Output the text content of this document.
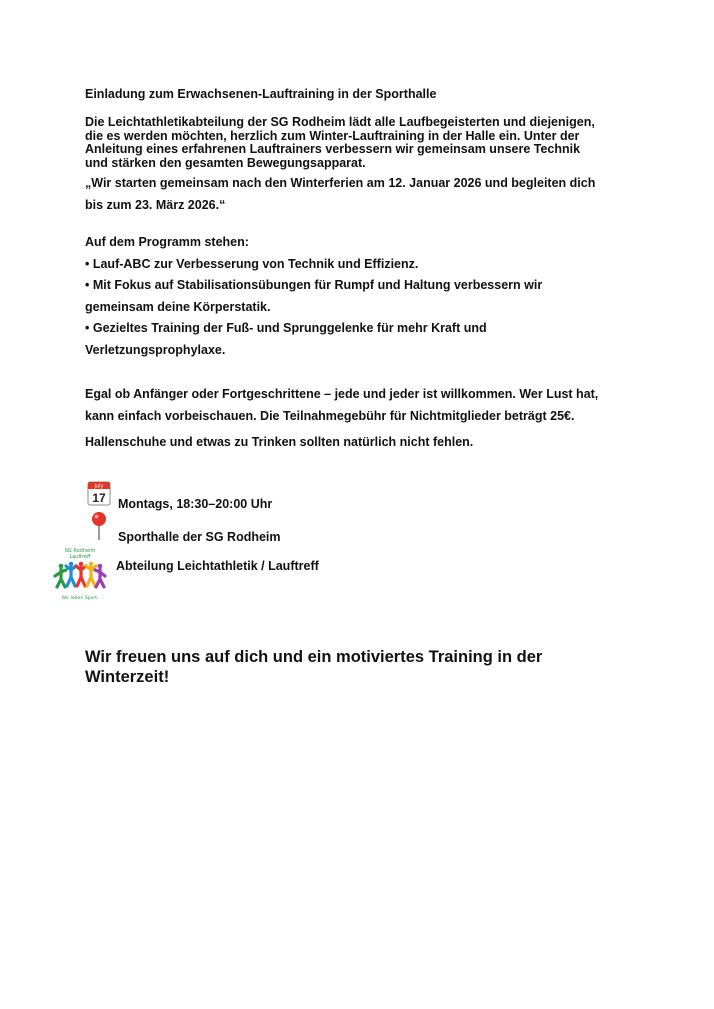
Einladung zum Erwachsenen-Lauftraining in der Sporthalle

Die Leichtathletikabteilung der SG Rodheim lädt alle Laufbegeisterten und diejenigen,
die es werden möchten, herzlich zum Winter-Lauftraining in der Halle ein. Unter der
Anleitung eines erfahrenen Lauftrainers verbessern wir gemeinsam unsere Technik
und stärken den gesamten Bewegungsapparat.
„Wir starten gemeinsam nach den Winterferien am 12. Januar 2026 und begleiten dich
bis zum 23. März 2026.“
Auf dem Programm stehen:
• Lauf-ABC zur Verbesserung von Technik und Effizienz.
• Mit Fokus auf Stabilisationsübungen für Rumpf und Haltung verbessern wir
gemeinsam deine Körperstatik.
• Gezieltes Training der Fuß- und Sprunggelenke für mehr Kraft und
Verletzungsprophylaxe.
Egal ob Anfänger oder Fortgeschrittene – jede und jeder ist willkommen. Wer Lust hat,
kann einfach vorbeischauen. Die Teilnahmegebühr für Nichtmitglieder beträgt 25€.
Hallenschuhe und etwas zu Trinken sollten natürlich nicht fehlen.
July
17 Montags, 18:30–20:00 Uhr
Sporthalle der SG Rodheim
SG Rodheim
Lauftreff
Wir leben Sport.
Abteilung Leichtathletik / Lauftreff
Wir freuen uns auf dich und ein motiviertes Training in der
Winterzeit!
